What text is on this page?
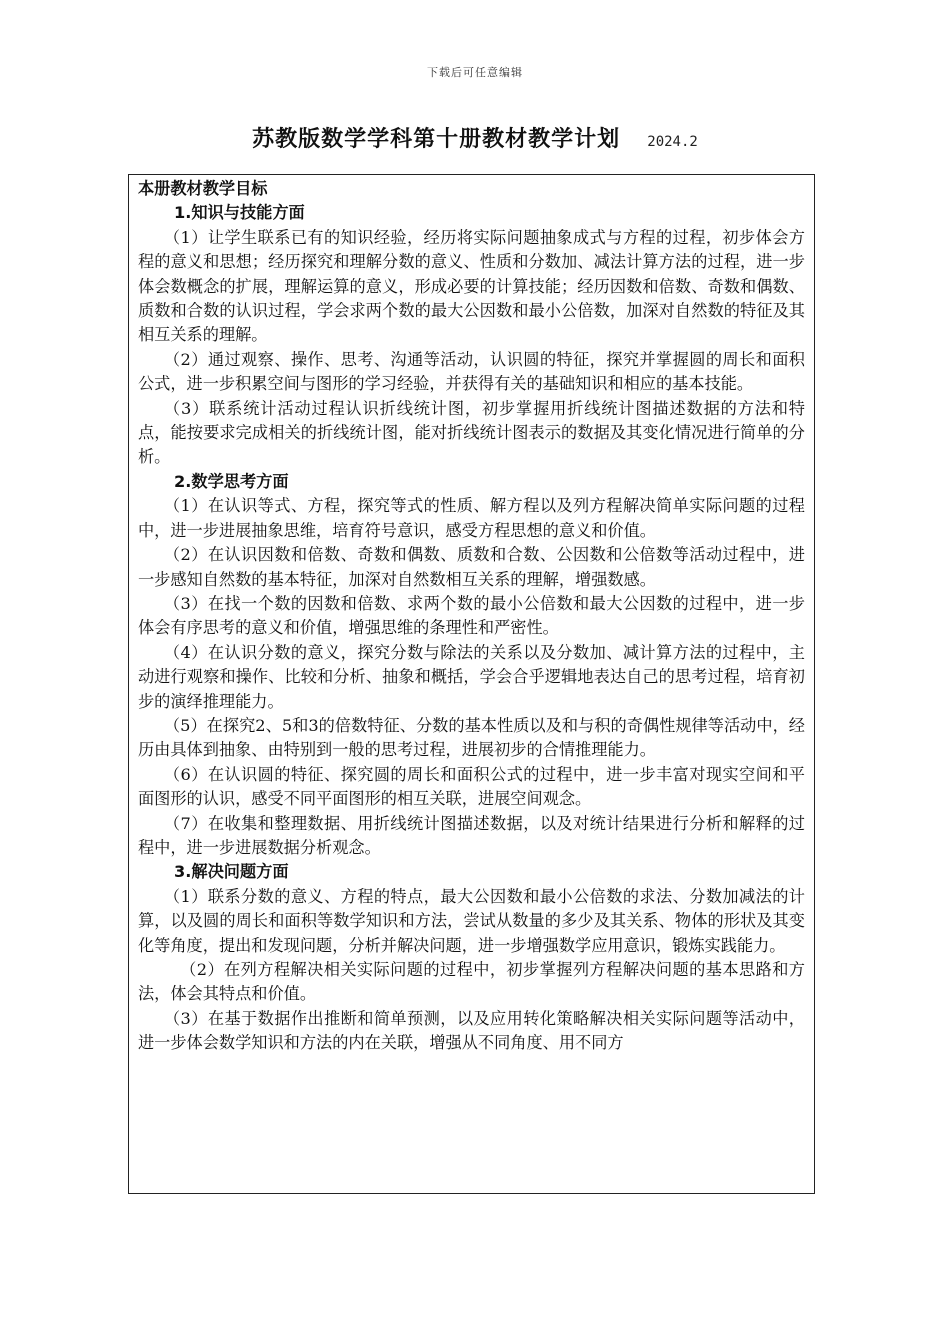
下载后可任意编辑
苏教版数学学科第十册教材教学计划 2024.2

本册教材教学目标

1.知识与技能方面

（1）让学生联系已有的知识经验，经历将实际问题抽象成式与方程的过程，初步体会方程的意义和思想；经历探究和理解分数的意义、性质和分数加、减法计算方法的过程，进一步体会数概念的扩展，理解运算的意义，形成必要的计算技能；经历因数和倍数、奇数和偶数、质数和合数的认识过程，学会求两个数的最大公因数和最小公倍数，加深对自然数的特征及其相互关系的理解。

（2）通过观察、操作、思考、沟通等活动，认识圆的特征，探究并掌握圆的周长和面积公式，进一步积累空间与图形的学习经验，并获得有关的基础知识和相应的基本技能。

（3）联系统计活动过程认识折线统计图，初步掌握用折线统计图描述数据的方法和特点，能按要求完成相关的折线统计图，能对折线统计图表示的数据及其变化情况进行简单的分析。

2.数学思考方面

（1）在认识等式、方程，探究等式的性质、解方程以及列方程解决简单实际问题的过程中，进一步进展抽象思维，培育符号意识，感受方程思想的意义和价值。

（2）在认识因数和倍数、奇数和偶数、质数和合数、公因数和公倍数等活动过程中，进一步感知自然数的基本特征，加深对自然数相互关系的理解，增强数感。

（3）在找一个数的因数和倍数、求两个数的最小公倍数和最大公因数的过程中，进一步体会有序思考的意义和价值，增强思维的条理性和严密性。

（4）在认识分数的意义，探究分数与除法的关系以及分数加、减计算方法的过程中，主动进行观察和操作、比较和分析、抽象和概括，学会合乎逻辑地表达自己的思考过程，培育初步的演绎推理能力。

（5）在探究2、5和3的倍数特征、分数的基本性质以及和与积的奇偶性规律等活动中，经历由具体到抽象、由特别到一般的思考过程，进展初步的合情推理能力。

（6）在认识圆的特征、探究圆的周长和面积公式的过程中，进一步丰富对现实空间和平面图形的认识，感受不同平面图形的相互关联，进展空间观念。

（7）在收集和整理数据、用折线统计图描述数据，以及对统计结果进行分析和解释的过程中，进一步进展数据分析观念。

3.解决问题方面

（1）联系分数的意义、方程的特点，最大公因数和最小公倍数的求法、分数加减法的计算，以及圆的周长和面积等数学知识和方法，尝试从数量的多少及其关系、物体的形状及其变化等角度，提出和发现问题，分析并解决问题，进一步增强数学应用意识，锻炼实践能力。

（2）在列方程解决相关实际问题的过程中，初步掌握列方程解决问题的基本思路和方法，体会其特点和价值。

（3）在基于数据作出推断和简单预测，以及应用转化策略解决相关实际问题等活动中，进一步体会数学知识和方法的内在关联，增强从不同角度、用不同方
